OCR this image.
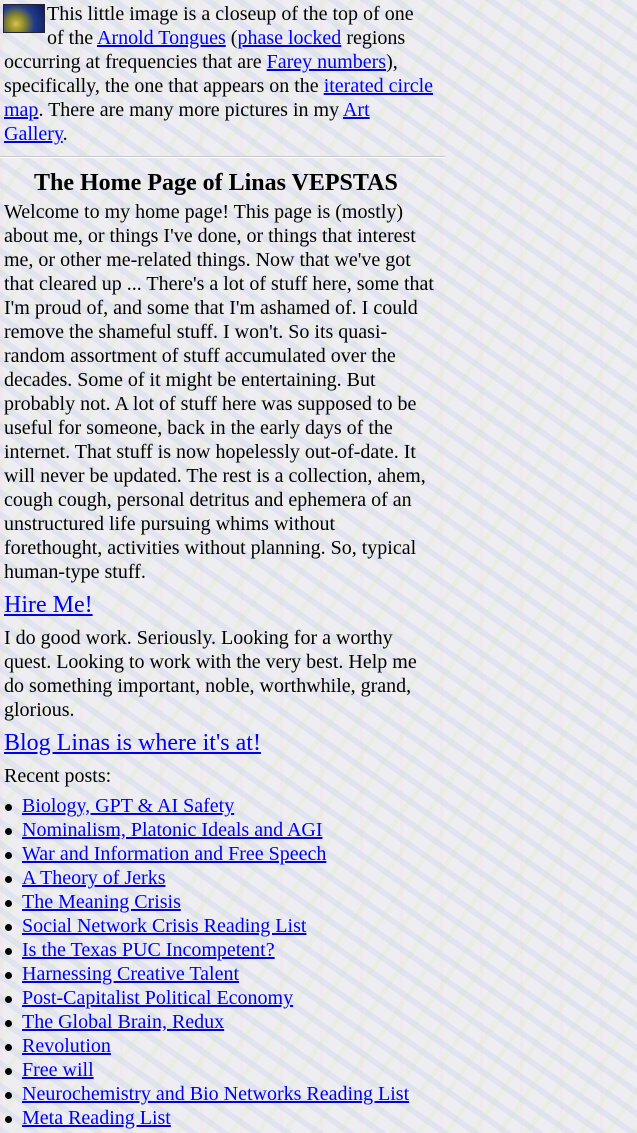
This little image is a closeup of the top of one of the Arnold Tongues (phase locked regions occurring at frequencies that are Farey numbers), specifically, the one that appears on the iterated circle map. There are many more pictures in my Art Gallery.

The Home Page of Linas VEPSTAS

Welcome to my home page! This page is (mostly) about me, or things I've done, or things that interest me, or other me-related things. Now that we've got that cleared up ... There's a lot of stuff here, some that I'm proud of, and some that I'm ashamed of. I could remove the shameful stuff. I won't. So its quasi-random assortment of stuff accumulated over the decades. Some of it might be entertaining. But probably not. A lot of stuff here was supposed to be useful for someone, back in the early days of the internet. That stuff is now hopelessly out-of-date. It will never be updated. The rest is a collection, ahem, cough cough, personal detritus and ephemera of an unstructured life pursuing whims without forethought, activities without planning. So, typical human-type stuff.

Hire Me!

I do good work. Seriously. Looking for a worthy quest. Looking to work with the very best. Help me do something important, noble, worthwhile, grand, glorious.

Blog Linas is where it's at!
Recent posts:
Biology, GPT & AI Safety
Nominalism, Platonic Ideals and AGI
War and Information and Free Speech
A Theory of Jerks
The Meaning Crisis
Social Network Crisis Reading List
Is the Texas PUC Incompetent?
Harnessing Creative Talent
Post-Capitalist Political Economy
The Global Brain, Redux
Revolution
Free will
Neurochemistry and Bio Networks Reading List
Meta Reading List
